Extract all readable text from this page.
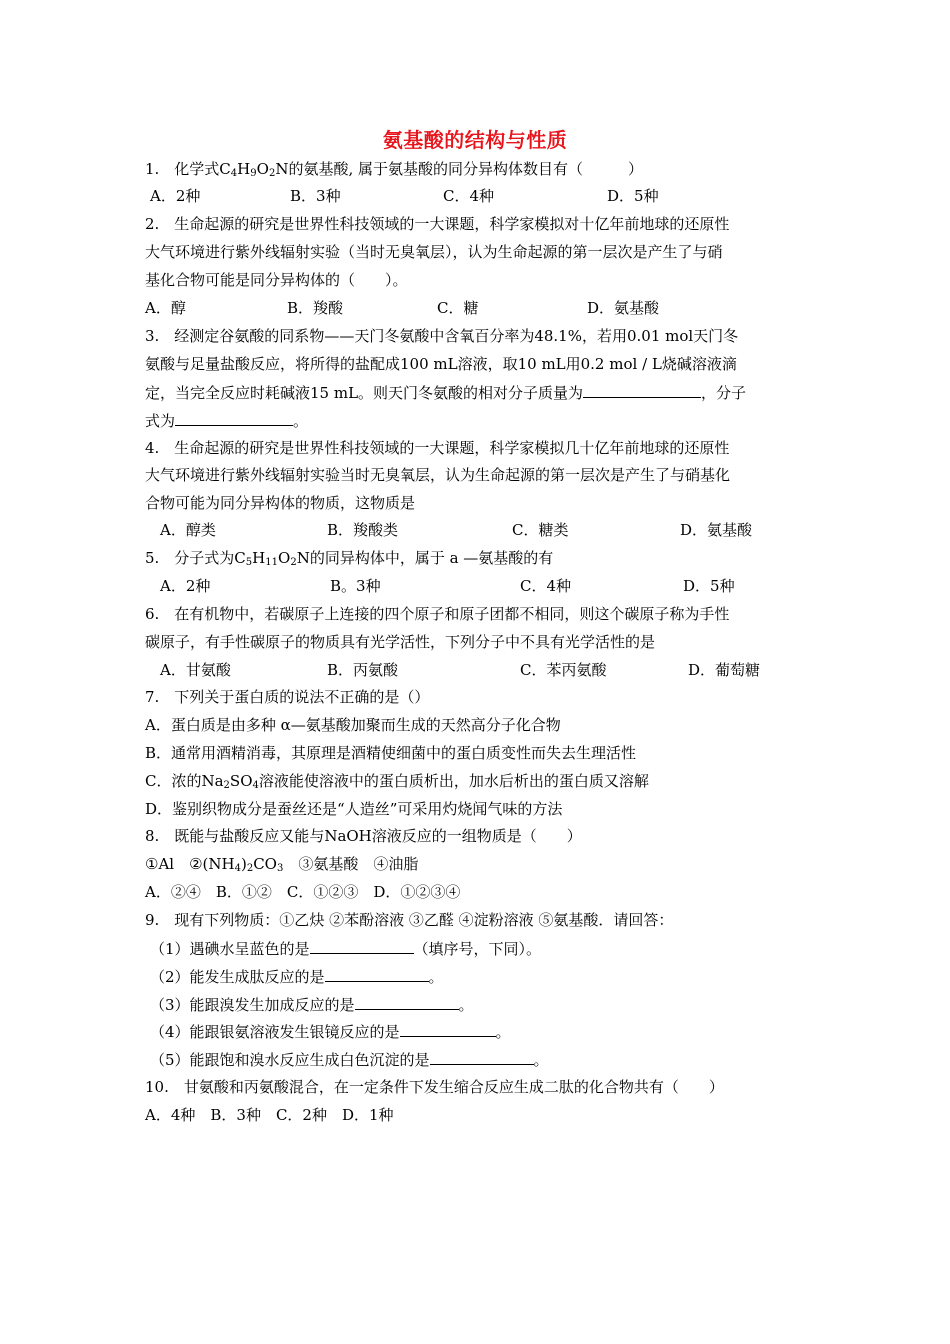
氨基酸的结构与性质
1.　化学式$C_4H_9O_2N$的氨基酸, 属于氨基酸的同分异构体数目有（　　　）
A．2种	B．3种	C．4种	D．5种
2.　生命起源的研究是世界性科技领域的一大课题，科学家模拟对十亿年前地球的还原性
大气环境进行紫外线辐射实验（当时无臭氧层），认为生命起源的第一层次是产生了与硝
基化合物可能是同分异构体的（　　）。
A．醇	B．羧酸	C．糖	D．氨基酸
3.　经测定谷氨酸的同系物——天门冬氨酸中含氧百分率为48.1%，若用0.01 mol天门冬
氨酸与足量盐酸反应，将所得的盐配成100 mL溶液，取10 mL用0.2 mol / L烧碱溶液滴
定，当完全反应时耗碱液15 mL。则天门冬氨酸的相对分子质量为	，分子
式为	。
4.　生命起源的研究是世界性科技领域的一大课题，科学家模拟几十亿年前地球的还原性
大气环境进行紫外线辐射实验当时无臭氧层，认为生命起源的第一层次是产生了与硝基化
合物可能为同分异构体的物质，这物质是
A．醇类	B．羧酸类	C．糖类	D．氨基酸
5.　分子式为$C_5H_{11}O_2N$的同异构体中，属于 a —氨基酸的有
A．2种	B。3种	C．4种	D．5种
6.　在有机物中，若碳原子上连接的四个原子和原子团都不相同，则这个碳原子称为手性
碳原子，有手性碳原子的物质具有光学活性，下列分子中不具有光学活性的是
A．甘氨酸	B．丙氨酸	C．苯丙氨酸	D．葡萄糖
7.　下列关于蛋白质的说法不正确的是（）
A．蛋白质是由多种 α—氨基酸加聚而生成的天然高分子化合物
B．通常用酒精消毒，其原理是酒精使细菌中的蛋白质变性而失去生理活性
C．浓的$Na_2SO_4$溶液能使溶液中的蛋白质析出，加水后析出的蛋白质又溶解
D．鉴别织物成分是蚕丝还是“人造丝”可采用灼烧闻气味的方法
8.　既能与盐酸反应又能与NaOH溶液反应的一组物质是（　　）
①Al　$②(NH_4)_2CO_3$　③氨基酸　④油脂
A．②④　B．①②　C．①②③　D．①②③④
9.　现有下列物质：①乙炔 ②苯酚溶液 ③乙醛 ④淀粉溶液 ⑤氨基酸．请回答：
（1）遇碘水呈蓝色的是	（填序号，下同）。
（2）能发生成肽反应的是	。
（3）能跟溴发生加成反应的是	。
（4）能跟银氨溶液发生银镜反应的是	。
（5）能跟饱和溴水反应生成白色沉淀的是	。
10.　甘氨酸和丙氨酸混合，在一定条件下发生缩合反应生成二肽的化合物共有（　　）
A．4种　B．3种　C．2种　D．1种
